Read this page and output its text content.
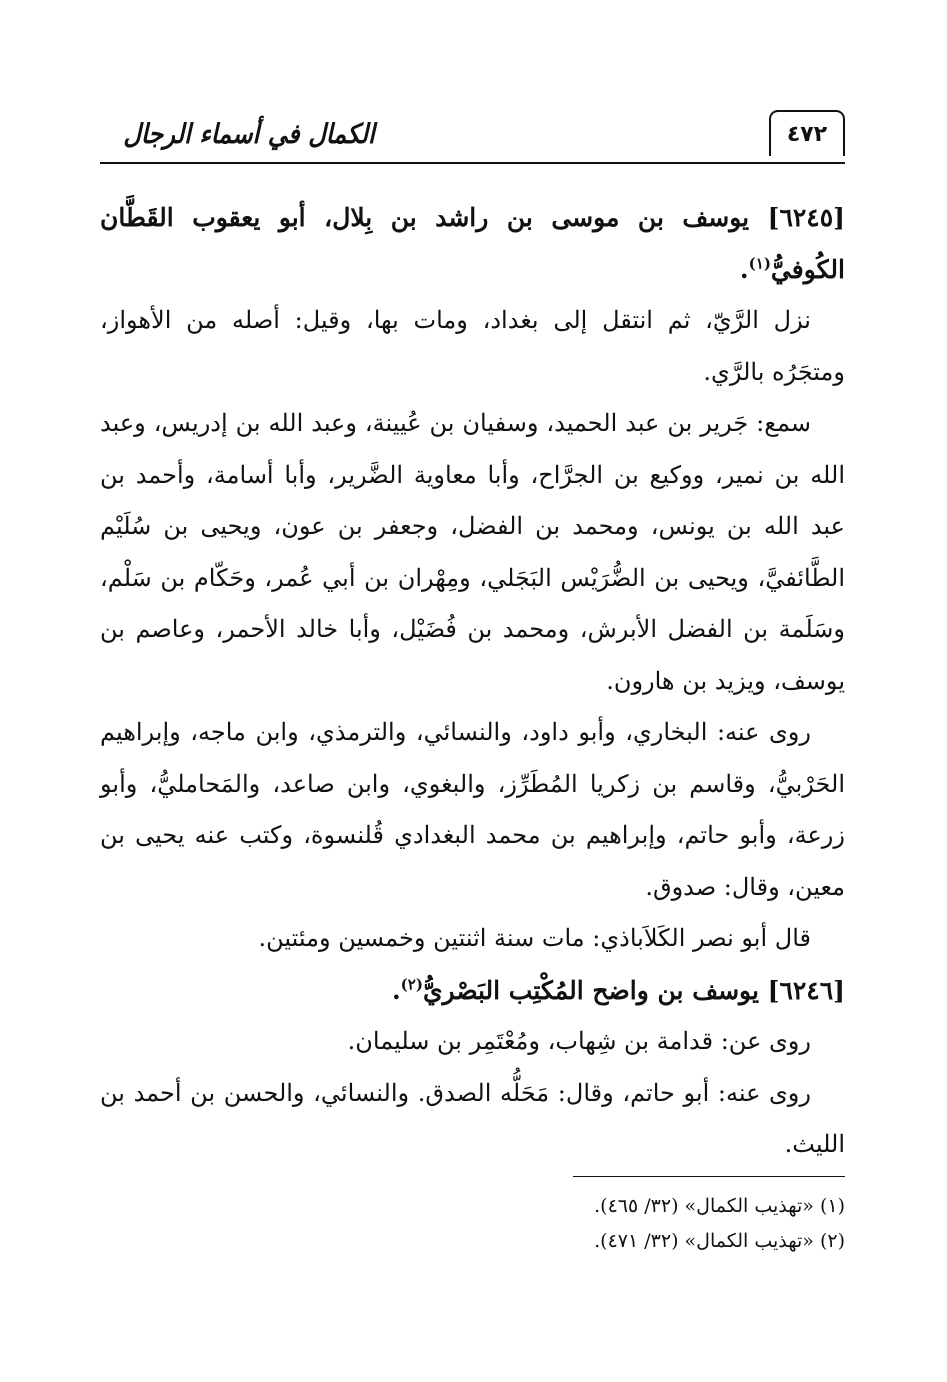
٤٧٢
الكمال في أسماء الرجال

[٦٢٤٥] يوسف بن موسى بن راشد بن بِلال، أبو يعقوب القَطَّان الكُوفيُّ$^{(١)}$.

نزل الرَّيّ، ثم انتقل إلى بغداد، ومات بها، وقيل: أصله من الأهواز، ومتجَرُه بالرَّي.

سمع: جَرير بن عبد الحميد، وسفيان بن عُيينة، وعبد الله بن إدريس، وعبد الله بن نمير، ووكيع بن الجرَّاح، وأبا معاوية الضَّرير، وأبا أسامة، وأحمد بن عبد الله بن يونس، ومحمد بن الفضل، وجعفر بن عون، ويحيى بن سُلَيْم الطَّائفيَّ، ويحيى بن الضُّرَيْس البَجَلي، ومِهْران بن أبي عُمر، وحَكّام بن سَلْم، وسَلَمة بن الفضل الأبرش، ومحمد بن فُضَيْل، وأبا خالد الأحمر، وعاصم بن يوسف، ويزيد بن هارون.

روى عنه: البخاري، وأبو داود، والنسائي، والترمذي، وابن ماجه، وإبراهيم الحَرْبيُّ، وقاسم بن زكريا المُطَرِّز، والبغوي، وابن صاعد، والمَحامليُّ، وأبو زرعة، وأبو حاتم، وإبراهيم بن محمد البغدادي قُلنسوة، وكتب عنه يحيى بن معين، وقال: صدوق.

قال أبو نصر الكَلاَباذي: مات سنة اثنتين وخمسين ومئتين.

[٦٢٤٦] يوسف بن واضح المُكْتِب البَصْريُّ$^{(٢)}$.

روى عن: قدامة بن شِهاب، ومُعْتَمِر بن سليمان.

روى عنه: أبو حاتم، وقال: مَحَلُّه الصدق. والنسائي، والحسن بن أحمد بن الليث.

(١) «تهذيب الكمال» (٣٢/ ٤٦٥).

(٢) «تهذيب الكمال» (٣٢/ ٤٧١).
